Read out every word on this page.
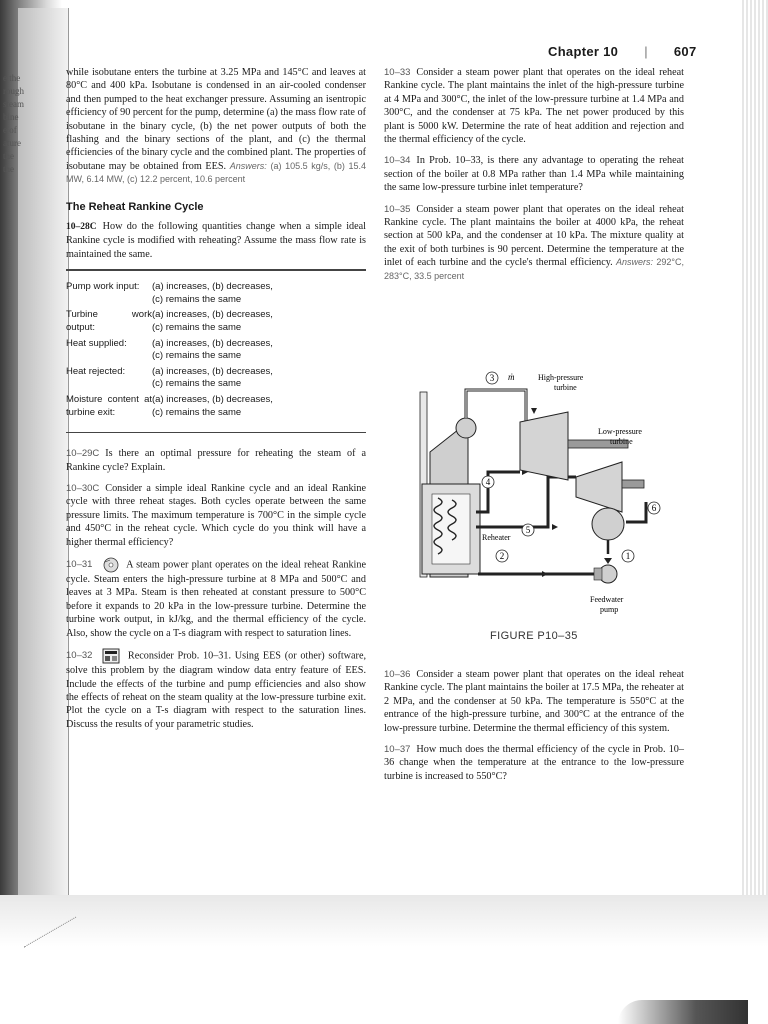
e the
rough
steam
bine
e of
ature
the
the
Chapter 10 | 607

while isobutane enters the turbine at 3.25 MPa and 145°C and leaves at 80°C and 400 kPa. Isobutane is condensed in an air-cooled condenser and then pumped to the heat exchanger pressure. Assuming an isentropic efficiency of 90 percent for the pump, determine (a) the mass flow rate of isobutane in the binary cycle, (b) the net power outputs of both the flashing and the binary sections of the plant, and (c) the thermal efficiencies of the binary cycle and the combined plant. The properties of isobutane may be obtained from EES. Answers: (a) 105.5 kg/s, (b) 15.4 MW, 6.14 MW, (c) 12.2 percent, 10.6 percent

The Reheat Rankine Cycle

10–28C How do the following quantities change when a simple ideal Rankine cycle is modified with reheating? Assume the mass flow rate is maintained the same.

Pump work input:	(a) increases, (b) decreases,
(c) remains the same

Turbine work output:	(a) increases, (b) decreases,
(c) remains the same

Heat supplied:	(a) increases, (b) decreases,
(c) remains the same

Heat rejected:	(a) increases, (b) decreases,
(c) remains the same

Moisture content at turbine exit:	(a) increases, (b) decreases,
(c) remains the same

10–29C Is there an optimal pressure for reheating the steam of a Rankine cycle? Explain.

10–30C Consider a simple ideal Rankine cycle and an ideal Rankine cycle with three reheat stages. Both cycles operate between the same pressure limits. The maximum temperature is 700°C in the simple cycle and 450°C in the reheat cycle. Which cycle do you think will have a higher thermal efficiency?

10–31	A steam power plant operates on the ideal reheat Rankine cycle. Steam enters the high-pressure turbine at 8 MPa and 500°C and leaves at 3 MPa. Steam is then reheated at constant pressure to 500°C before it expands to 20 kPa in the low-pressure turbine. Determine the turbine work output, in kJ/kg, and the thermal efficiency of the cycle. Also, show the cycle on a T-s diagram with respect to saturation lines.

10–32	Reconsider Prob. 10–31. Using EES (or other) software, solve this problem by the diagram window data entry feature of EES. Include the effects of the turbine and pump efficiencies and also show the effects of reheat on the steam quality at the low-pressure turbine exit. Plot the cycle on a T-s diagram with respect to the saturation lines. Discuss the results of your parametric studies.

10–33 Consider a steam power plant that operates on the ideal reheat Rankine cycle. The plant maintains the inlet of the high-pressure turbine at 4 MPa and 300°C, the inlet of the low-pressure turbine at 1.4 MPa and 300°C, and the condenser at 75 kPa. The net power produced by this plant is 5000 kW. Determine the rate of heat addition and rejection and the thermal efficiency of the cycle.

10–34 In Prob. 10–33, is there any advantage to operating the reheat section of the boiler at 0.8 MPa rather than 1.4 MPa while maintaining the same low-pressure turbine inlet temperature?

10–35 Consider a steam power plant that operates on the ideal reheat Rankine cycle. The plant maintains the boiler at 4000 kPa, the reheat section at 500 kPa, and the condenser at 10 kPa. The mixture quality at the exit of both turbines is 90 percent. Determine the temperature at the inlet of each turbine and the cycle's thermal efficiency. Answers: 292°C, 283°C, 33.5 percent

3 ṁ
4
5
6
1
2
High-pressure turbine
Low-pressure turbine
Reheater
Feedwater pump
FIGURE P10–35

10–36 Consider a steam power plant that operates on the ideal reheat Rankine cycle. The plant maintains the boiler at 17.5 MPa, the reheater at 2 MPa, and the condenser at 50 kPa. The temperature is 550°C at the entrance of the high-pressure turbine, and 300°C at the entrance of the low-pressure turbine. Determine the thermal efficiency of this system.

10–37 How much does the thermal efficiency of the cycle in Prob. 10–36 change when the temperature at the entrance to the low-pressure turbine is increased to 550°C?
